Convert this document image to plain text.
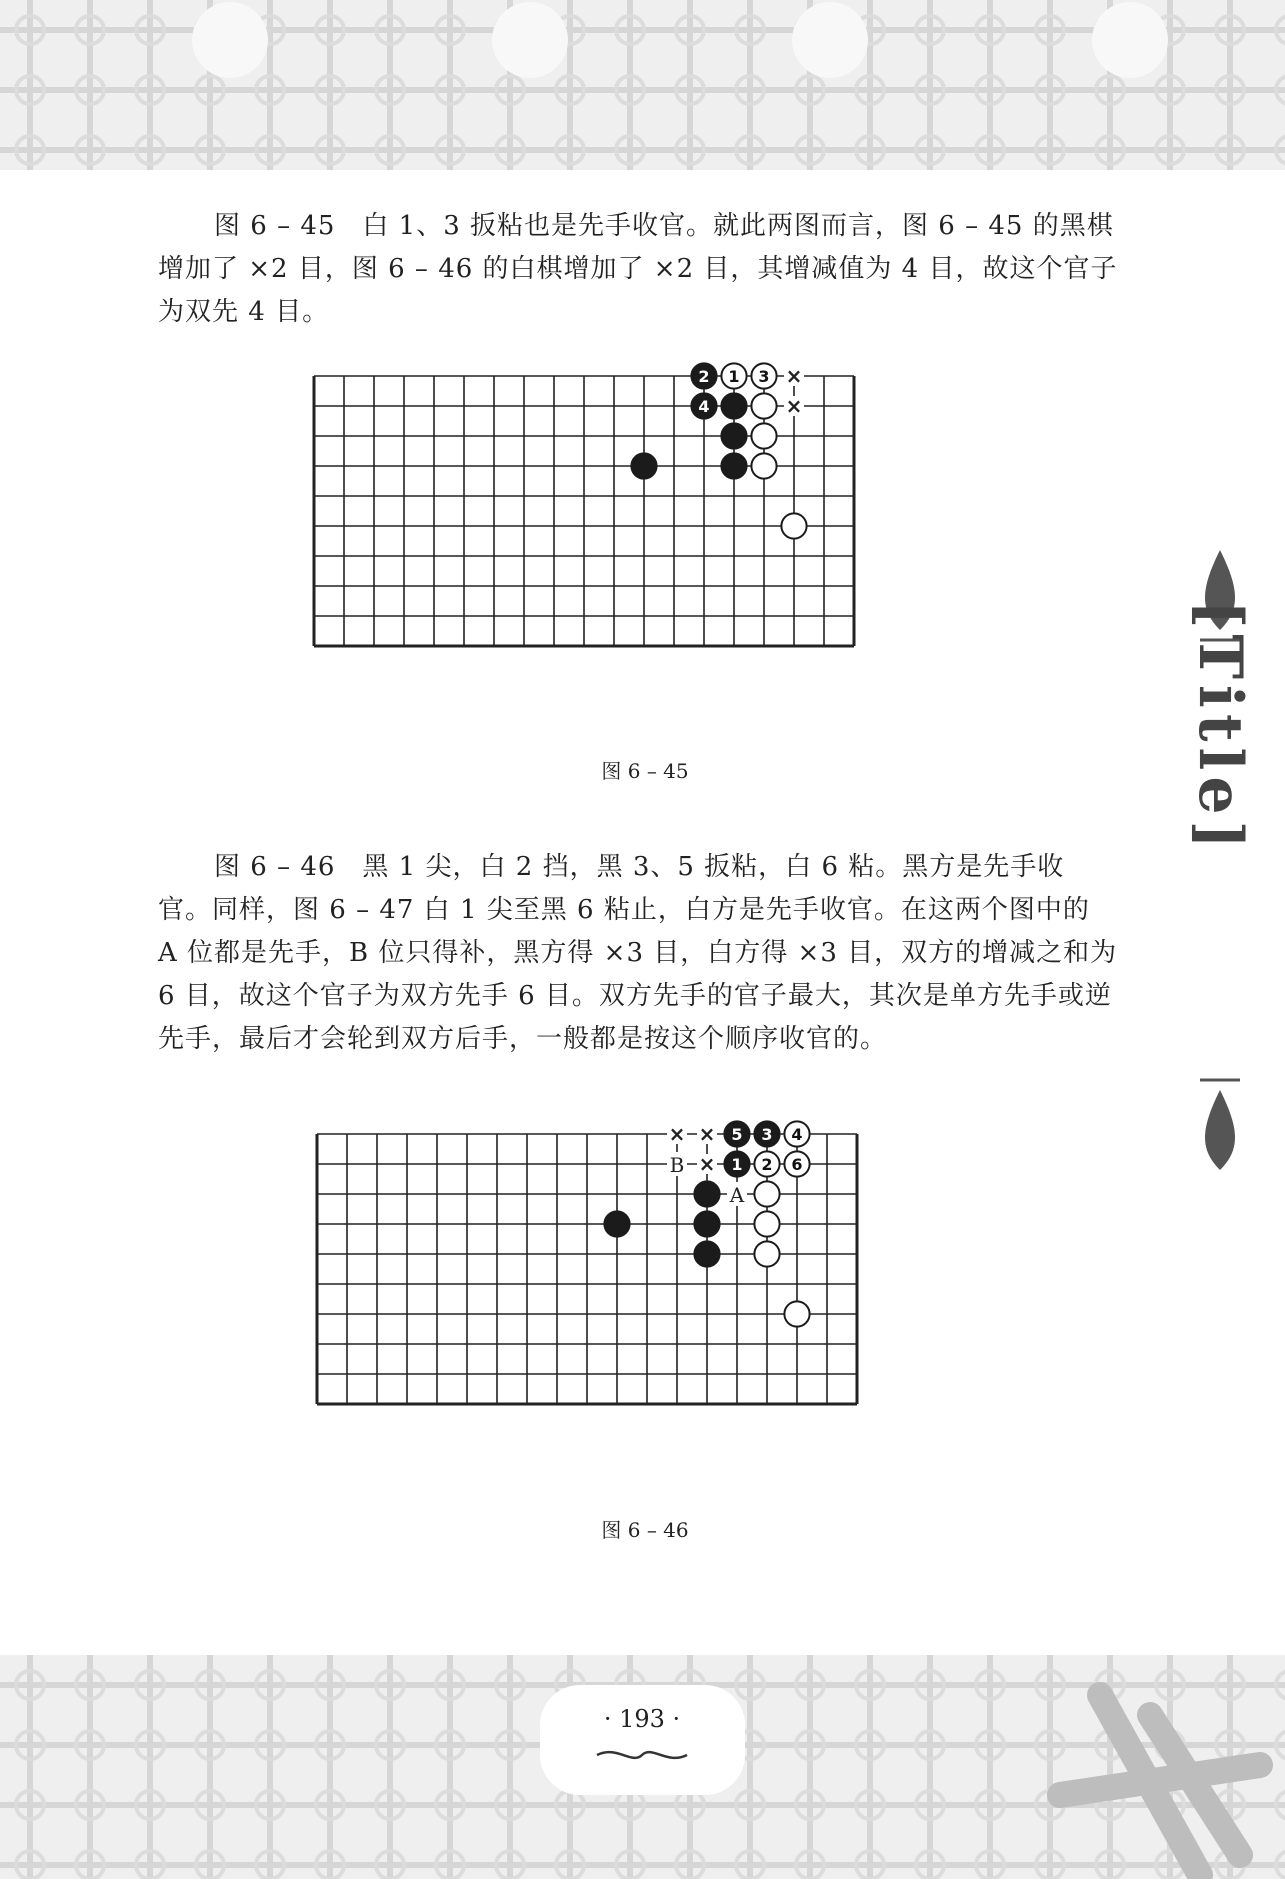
图 6 – 45　白 1、3 扳粘也是先手收官。就此两图而言，图 6 – 45 的黑棋增加了 ×2 目，图 6 – 46 的白棋增加了 ×2 目，其增减值为 4 目，故这个官子为双先 4 目。

×
×
2 1 3
4
图 6 – 45

图 6 – 46　黑 1 尖，白 2 挡，黑 3、5 扳粘，白 6 粘。黑方是先手收官。同样，图 6 – 47 白 1 尖至黑 6 粘止，白方是先手收官。在这两个图中的 A 位都是先手，B 位只得补，黑方得 ×3 目，白方得 ×3 目，双方的增减之和为 6 目，故这个官子为双方先手 6 目。双方先手的官子最大，其次是单方先手或逆先手，最后才会轮到双方后手，一般都是按这个顺序收官的。

× ×
×
B
A
5 3 4
1 2 6
图 6 – 46
[Title]
· 193 ·
